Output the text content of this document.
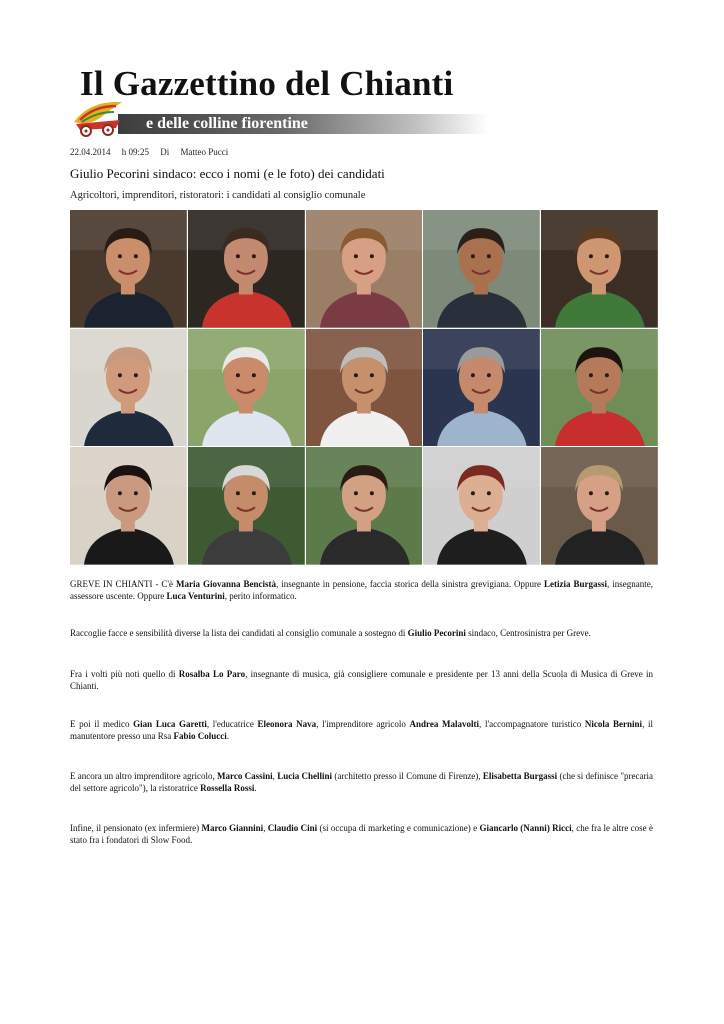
Il Gazzettino del Chianti
e delle colline fiorentine
22.04.2014 h 09:25 Di Matteo Pucci
Giulio Pecorini sindaco: ecco i nomi (e le foto) dei candidati
Agricoltori, imprenditori, ristoratori: i candidati al consiglio comunale
GREVE IN CHIANTI - C'è Maria Giovanna Bencistà, insegnante in pensione, faccia storica della sinistra grevigiana. Oppure Letizia Burgassi, insegnante, assessore uscente. Oppure Luca Venturini, perito informatico.
Raccoglie facce e sensibilità diverse la lista dei candidati al consiglio comunale a sostegno di Giulio Pecorini sindaco, Centrosinistra per Greve.
Fra i volti più noti quello di Rosalba Lo Paro, insegnante di musica, già consigliere comunale e presidente per 13 anni della Scuola di Musica di Greve in Chianti.
E poi il medico Gian Luca Garetti, l'educatrice Eleonora Nava, l'imprenditore agricolo Andrea Malavolti, l'accompagnatore turistico Nicola Bernini, il manutentore presso una Rsa Fabio Colucci.
E ancora un altro imprenditore agricolo, Marco Cassini, Lucia Chellini (architetto presso il Comune di Firenze), Elisabetta Burgassi (che si definisce "precaria del settore agricolo"), la ristoratrice Rossella Rossi.
Infine, il pensionato (ex infermiere) Marco Giannini, Claudio Cini (si occupa di marketing e comunicazione) e Giancarlo (Nanni) Ricci, che fra le altre cose è stato fra i fondatori di Slow Food.
